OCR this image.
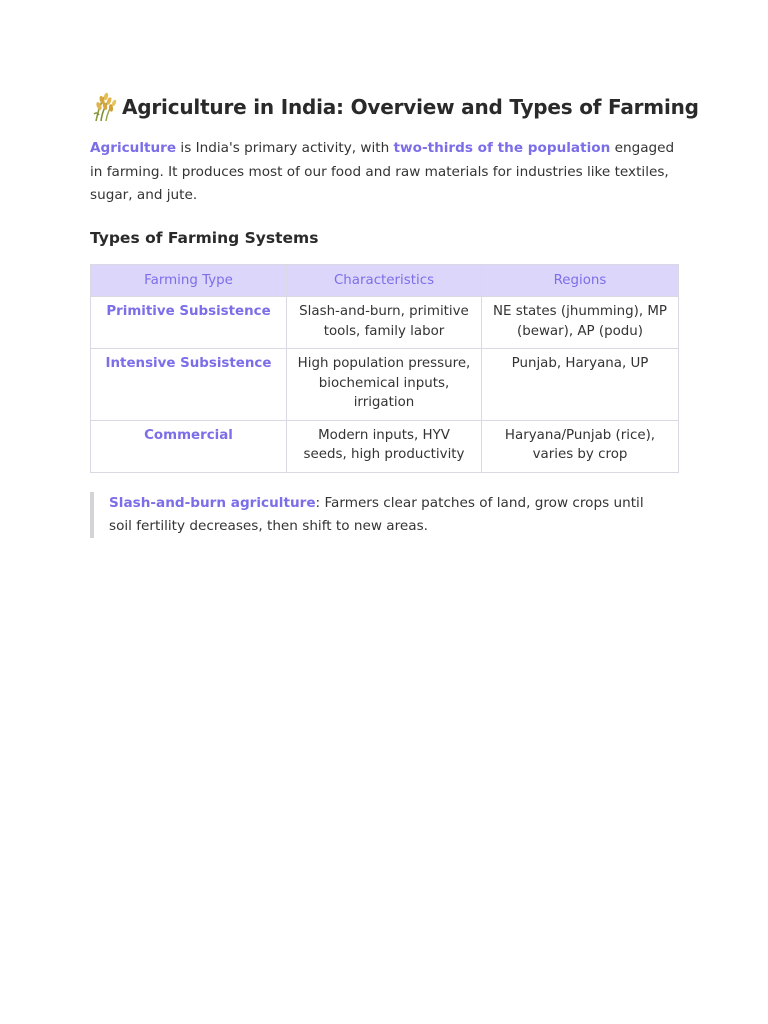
Agriculture in India: Overview and Types of Farming

Agriculture is India's primary activity, with two-thirds of the population engaged in farming. It produces most of our food and raw materials for industries like textiles, sugar, and jute.

Types of Farming Systems
Farming Type	Characteristics	Regions
Primitive Subsistence	Slash-and-burn, primitive tools, family labor	NE states (jhumming), MP (bewar), AP (podu)
Intensive Subsistence	High population pressure, biochemical inputs, irrigation	Punjab, Haryana, UP
Commercial	Modern inputs, HYV seeds, high productivity	Haryana/Punjab (rice), varies by crop
Slash-and-burn agriculture: Farmers clear patches of land, grow crops until soil fertility decreases, then shift to new areas.
